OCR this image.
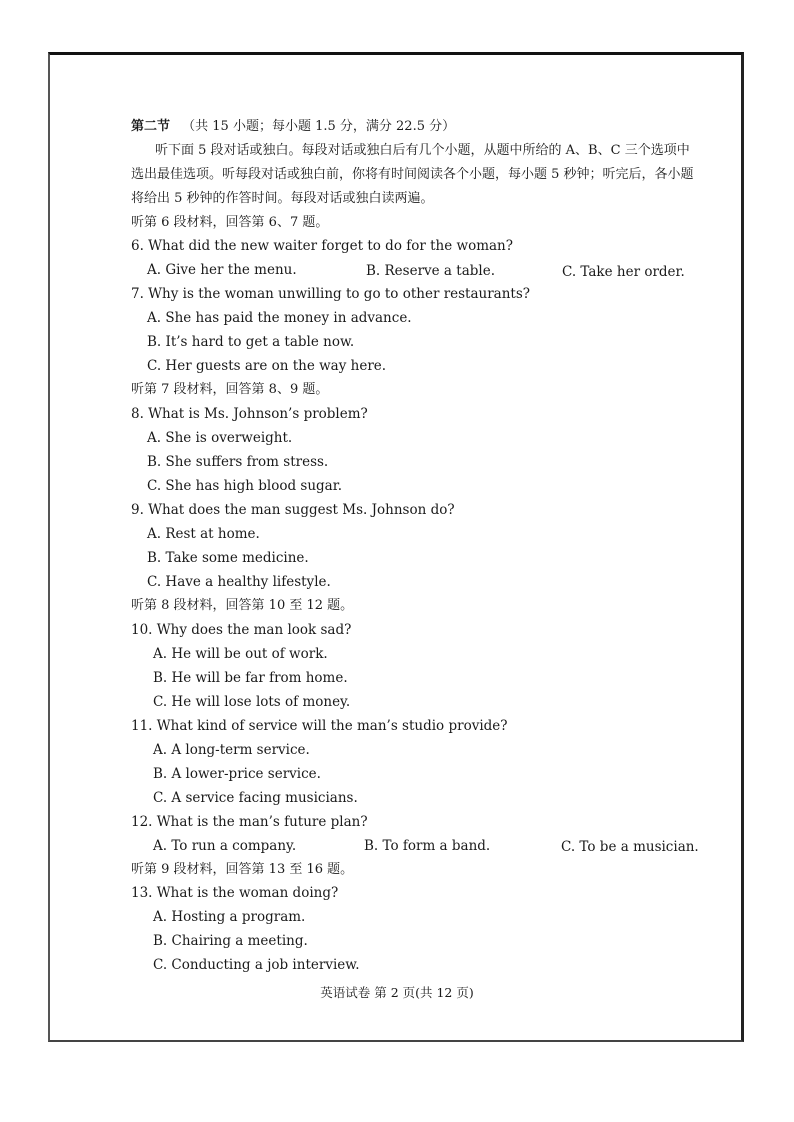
第二节 （共 15 小题；每小题 1.5 分，满分 22.5 分）
听下面 5 段对话或独白。每段对话或独白后有几个小题，从题中所给的 A、B、C 三个选项中
选出最佳选项。听每段对话或独白前，你将有时间阅读各个小题，每小题 5 秒钟；听完后，各小题
将给出 5 秒钟的作答时间。每段对话或独白读两遍。
听第 6 段材料，回答第 6、7 题。
6. What did the new waiter forget to do for the woman?
A. Give her the menu.	B. Reserve a table.	C. Take her order.
7. Why is the woman unwilling to go to other restaurants?
A. She has paid the money in advance.
B. It’s hard to get a table now.
C. Her guests are on the way here.
听第 7 段材料，回答第 8、9 题。
8. What is Ms. Johnson’s problem?
A. She is overweight.
B. She suffers from stress.
C. She has high blood sugar.
9. What does the man suggest Ms. Johnson do?
A. Rest at home.
B. Take some medicine.
C. Have a healthy lifestyle.
听第 8 段材料，回答第 10 至 12 题。
10. Why does the man look sad?
A. He will be out of work.
B. He will be far from home.
C. He will lose lots of money.
11. What kind of service will the man’s studio provide?
A. A long-term service.
B. A lower-price service.
C. A service facing musicians.
12. What is the man’s future plan?
A. To run a company.	B. To form a band.	C. To be a musician.
听第 9 段材料，回答第 13 至 16 题。
13. What is the woman doing?
A. Hosting a program.
B. Chairing a meeting.
C. Conducting a job interview.
英语试卷 第 2 页(共 12 页)
